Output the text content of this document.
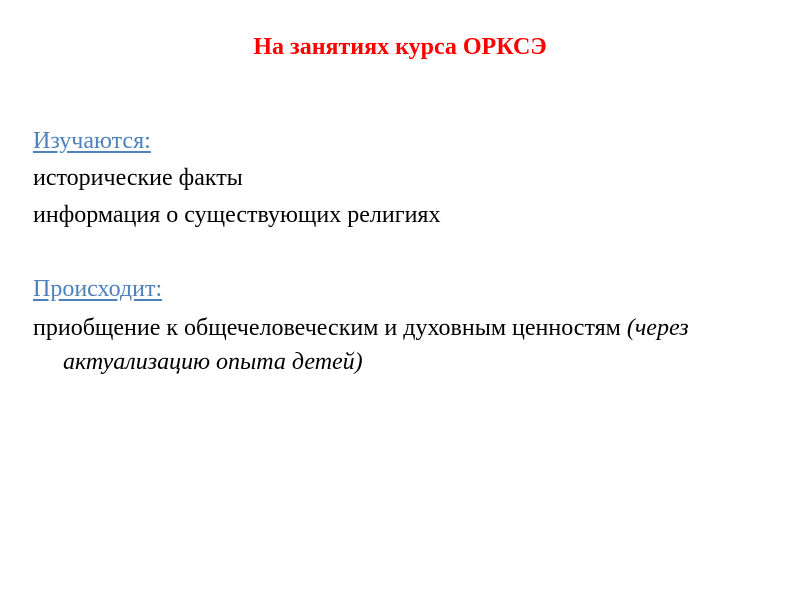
На занятиях курса ОРКСЭ
Изучаются:
исторические факты
информация о существующих религиях
Происходит:
приобщение к общечеловеческим и духовным ценностям (через актуализацию опыта детей)
